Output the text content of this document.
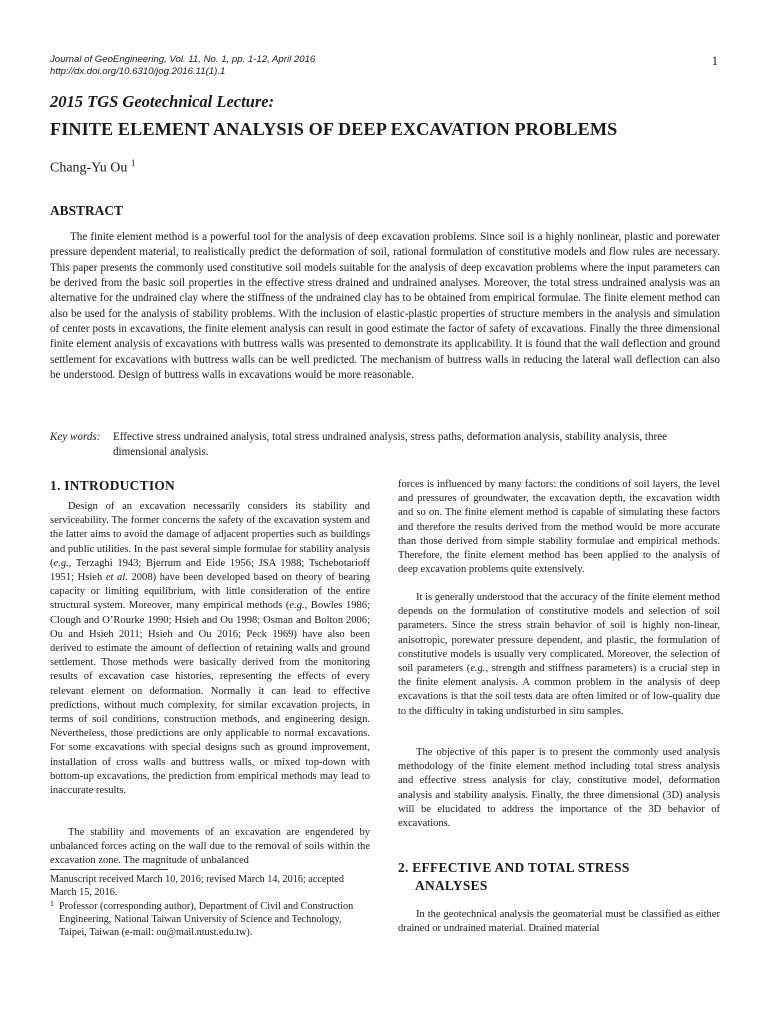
Journal of GeoEngineering, Vol. 11, No. 1, pp. 1-12, April 2016
http://dx.doi.org/10.6310/jog.2016.11(1).1
1
2015 TGS Geotechnical Lecture:
FINITE ELEMENT ANALYSIS OF DEEP EXCAVATION PROBLEMS
Chang-Yu Ou $^1$
ABSTRACT

The finite element method is a powerful tool for the analysis of deep excavation problems. Since soil is a highly nonlinear, plastic and porewater pressure dependent material, to realistically predict the deformation of soil, rational formulation of constitutive models and flow rules are necessary. This paper presents the commonly used constitutive soil models suitable for the analysis of deep excavation problems where the input parameters can be derived from the basic soil properties in the effective stress drained and undrained analyses. Moreover, the total stress undrained analysis was an alternative for the undrained clay where the stiffness of the undrained clay has to be obtained from empirical formulae. The finite element method can also be used for the analysis of stability problems. With the inclusion of elastic-plastic properties of structure members in the analysis and simulation of center posts in excavations, the finite element analysis can result in good estimate the factor of safety of excavations. Finally the three dimensional finite element analysis of excavations with buttress walls was presented to demonstrate its applicability. It is found that the wall deflection and ground settlement for excavations with buttress walls can be well predicted. The mechanism of buttress walls in reducing the lateral wall deflection can also be understood. Design of buttress walls in excavations would be more reasonable.

Key words: Effective stress undrained analysis, total stress undrained analysis, stress paths, deformation analysis, stability analysis, three dimensional analysis.
1. INTRODUCTION

Design of an excavation necessarily considers its stability and serviceability. The former concerns the safety of the excavation system and the latter aims to avoid the damage of adjacent properties such as buildings and public utilities. In the past several simple formulae for stability analysis (e.g., Terzaghi 1943; Bjerrum and Eide 1956; JSA 1988; Tschebotarioff 1951; Hsieh et al. 2008) have been developed based on theory of bearing capacity or limiting equilibrium, with little consideration of the entire structural system. Moreover, many empirical methods (e.g., Bowles 1986; Clough and O’Rourke 1990; Hsieh and Ou 1998; Osman and Bolton 2006; Ou and Hsieh 2011; Hsieh and Ou 2016; Peck 1969) have also been derived to estimate the amount of deflection of retaining walls and ground settlement. Those methods were basically derived from the monitoring results of excavation case histories, representing the effects of every relevant element on deformation. Normally it can lead to effective predictions, without much complexity, for similar excavation projects, in terms of soil conditions, construction methods, and engineering design. Nevertheless, those predictions are only applicable to normal excavations. For some excavations with special designs such as ground improvement, installation of cross walls and buttress walls, or mixed top-down with bottom-up excavations, the prediction from empirical methods may lead to inaccurate results.

The stability and movements of an excavation are engendered by unbalanced forces acting on the wall due to the removal of soils within the excavation zone. The magnitude of unbalanced

Manuscript received March 10, 2016; revised March 14, 2016; accepted March 15, 2016.
1 Professor (corresponding author), Department of Civil and Construction Engineering, National Taiwan University of Science and Technology, Taipei, Taiwan (e-mail: ou@mail.ntust.edu.tw).

forces is influenced by many factors: the conditions of soil layers, the level and pressures of groundwater, the excavation depth, the excavation width and so on. The finite element method is capable of simulating these factors and therefore the results derived from the method would be more accurate than those derived from simple stability formulae and empirical methods. Therefore, the finite element method has been applied to the analysis of deep excavation problems quite extensively.

It is generally understood that the accuracy of the finite element method depends on the formulation of constitutive models and selection of soil parameters. Since the stress strain behavior of soil is highly non-linear, anisotropic, porewater pressure dependent, and plastic, the formulation of constitutive models is usually very complicated. Moreover, the selection of soil parameters (e.g., strength and stiffness parameters) is a crucial step in the finite element analysis. A common problem in the analysis of deep excavations is that the soil tests data are often limited or of low-quality due to the difficulty in taking undisturbed in situ samples.

The objective of this paper is to present the commonly used analysis methodology of the finite element method including total stress analysis and effective stress analysis for clay, constitutive model, deformation analysis and stability analysis. Finally, the three dimensional (3D) analysis will be elucidated to address the importance of the 3D behavior of excavations.

2. EFFECTIVE AND TOTAL STRESS
ANALYSES

In the geotechnical analysis the geomaterial must be classified as either drained or undrained material. Drained material
